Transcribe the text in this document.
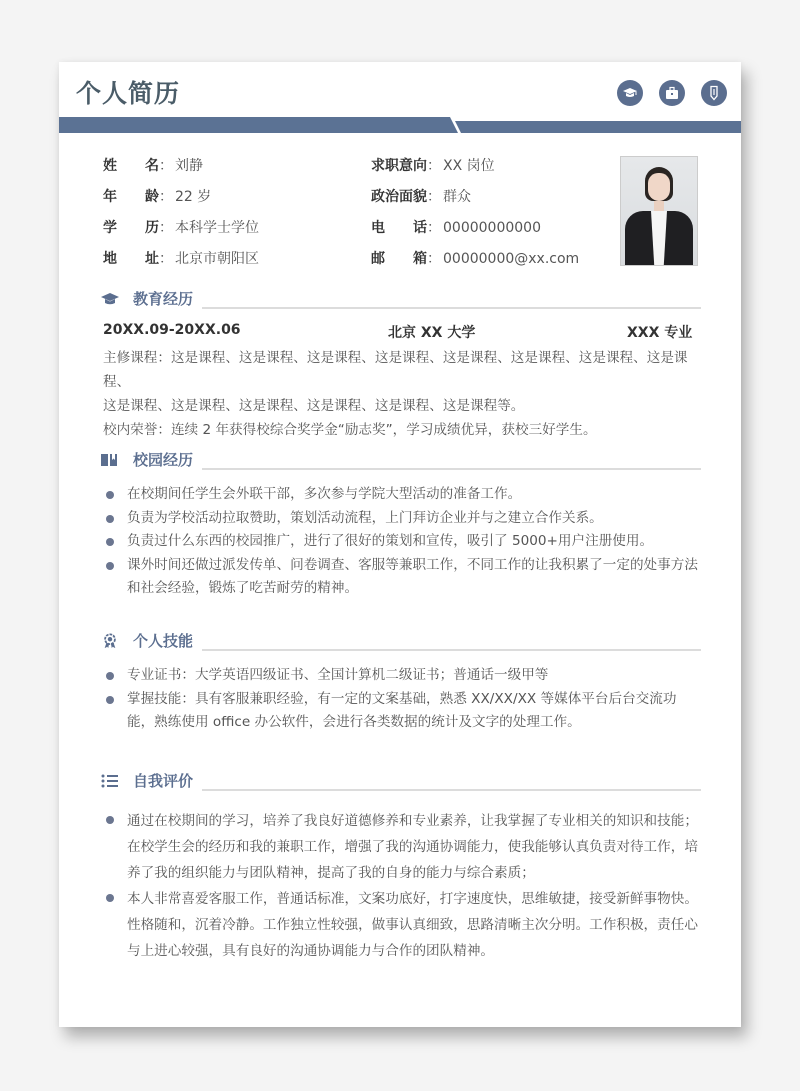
个人简历
姓 名 ： 刘静
年 龄 ： 22 岁
学 历 ： 本科学士学位
地 址 ： 北京市朝阳区
求职意向： XX 岗位
政治面貌： 群众
电 话 ： 00000000000
邮 箱 ： 00000000@xx.com
教育经历
20XX.09-20XX.06	北京 XX 大学	XXX 专业
主修课程：这是课程、这是课程、这是课程、这是课程、这是课程、这是课程、这是课程、这是课程、
这是课程、这是课程、这是课程、这是课程、这是课程、这是课程等。
校内荣誉：连续 2 年获得校综合奖学金“励志奖”，学习成绩优异，获校三好学生。
校园经历
在校期间任学生会外联干部，多次参与学院大型活动的准备工作。
负责为学校活动拉取赞助，策划活动流程，上门拜访企业并与之建立合作关系。
负责过什么东西的校园推广，进行了很好的策划和宣传，吸引了 5000+用户注册使用。
课外时间还做过派发传单、问卷调查、客服等兼职工作，不同工作的让我积累了一定的处事方法和社会经验，锻炼了吃苦耐劳的精神。
个人技能
专业证书：大学英语四级证书、全国计算机二级证书；普通话一级甲等
掌握技能：具有客服兼职经验，有一定的文案基础，熟悉 XX/XX/XX 等媒体平台后台交流功能，熟练使用 office 办公软件，会进行各类数据的统计及文字的处理工作。
自我评价
通过在校期间的学习，培养了我良好道德修养和专业素养，让我掌握了专业相关的知识和技能；在校学生会的经历和我的兼职工作，增强了我的沟通协调能力，使我能够认真负责对待工作，培养了我的组织能力与团队精神，提高了我的自身的能力与综合素质；
本人非常喜爱客服工作，普通话标准，文案功底好，打字速度快，思维敏捷，接受新鲜事物快。性格随和，沉着冷静。工作独立性较强，做事认真细致，思路清晰主次分明。工作积极，责任心与上进心较强，具有良好的沟通协调能力与合作的团队精神。
